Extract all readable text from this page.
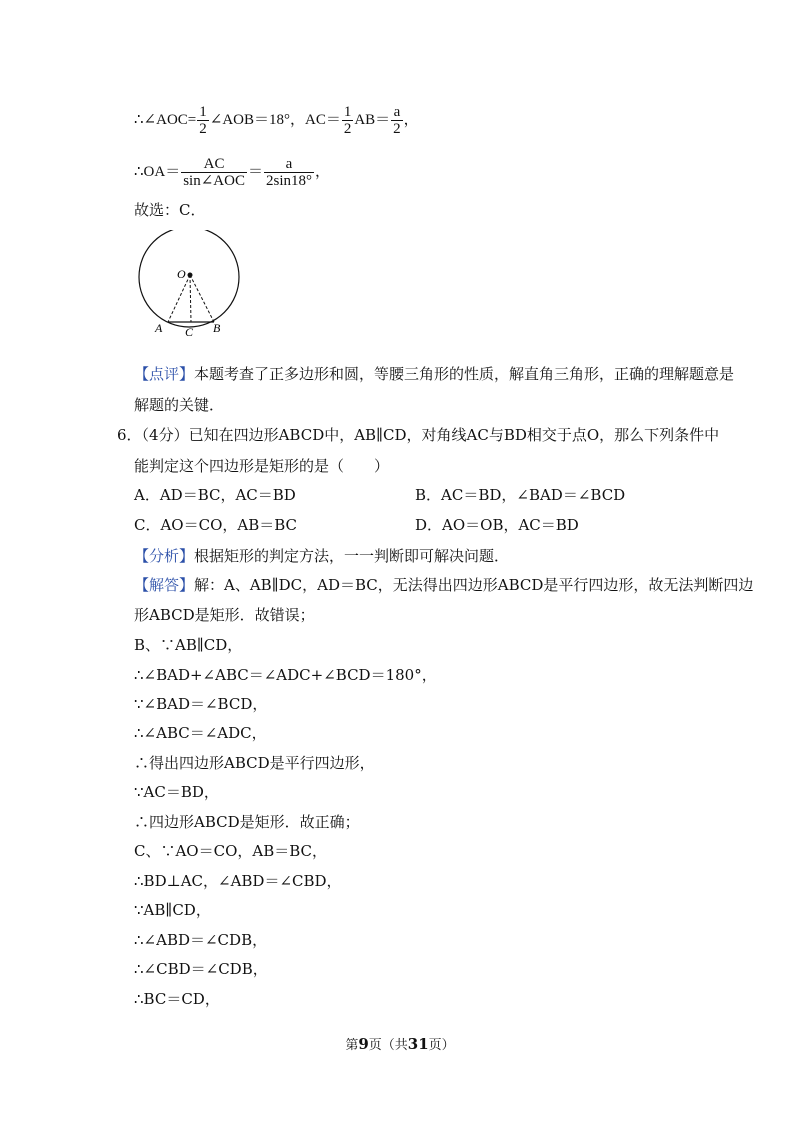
∴∠AOC= $\frac{1}{2}$ ∠AOB＝18°，$AC= \frac{1}{2} AB= \frac{a}{2}$ ，
∴OA＝ $\frac{AC}{\text{sin∠AOC}} = \frac{a}{2\sin 18^\circ}$ ，
故选：C．
O
A C B
【点评】本题考查了正多边形和圆，等腰三角形的性质，解直角三角形，正确的理解题意是
解题的关键．
6．（4分）已知在四边形ABCD中，AB∥CD，对角线AC与BD相交于点O，那么下列条件中
能判定这个四边形是矩形的是（　　）
A．AD＝BC，AC＝BD	B．AC＝BD，∠BAD＝∠BCD
C．AO＝CO，AB＝BC	D．AO＝OB，AC＝BD
【分析】根据矩形的判定方法，一一判断即可解决问题．
【解答】解：A、AB∥DC，AD＝BC，无法得出四边形ABCD是平行四边形，故无法判断四边
形ABCD是矩形．故错误；
B、∵AB∥CD，
∴∠BAD+∠ABC＝∠ADC+∠BCD＝180°，
∵∠BAD＝∠BCD，
∴∠ABC＝∠ADC，
∴得出四边形ABCD是平行四边形，
∵AC＝BD，
∴四边形ABCD是矩形．故正确；
C、∵AO＝CO，AB＝BC，
∴BD⊥AC，∠ABD＝∠CBD，
∵AB∥CD，
∴∠ABD＝∠CDB，
∴∠CBD＝∠CDB，
∴BC＝CD，
第9页（共31页）
